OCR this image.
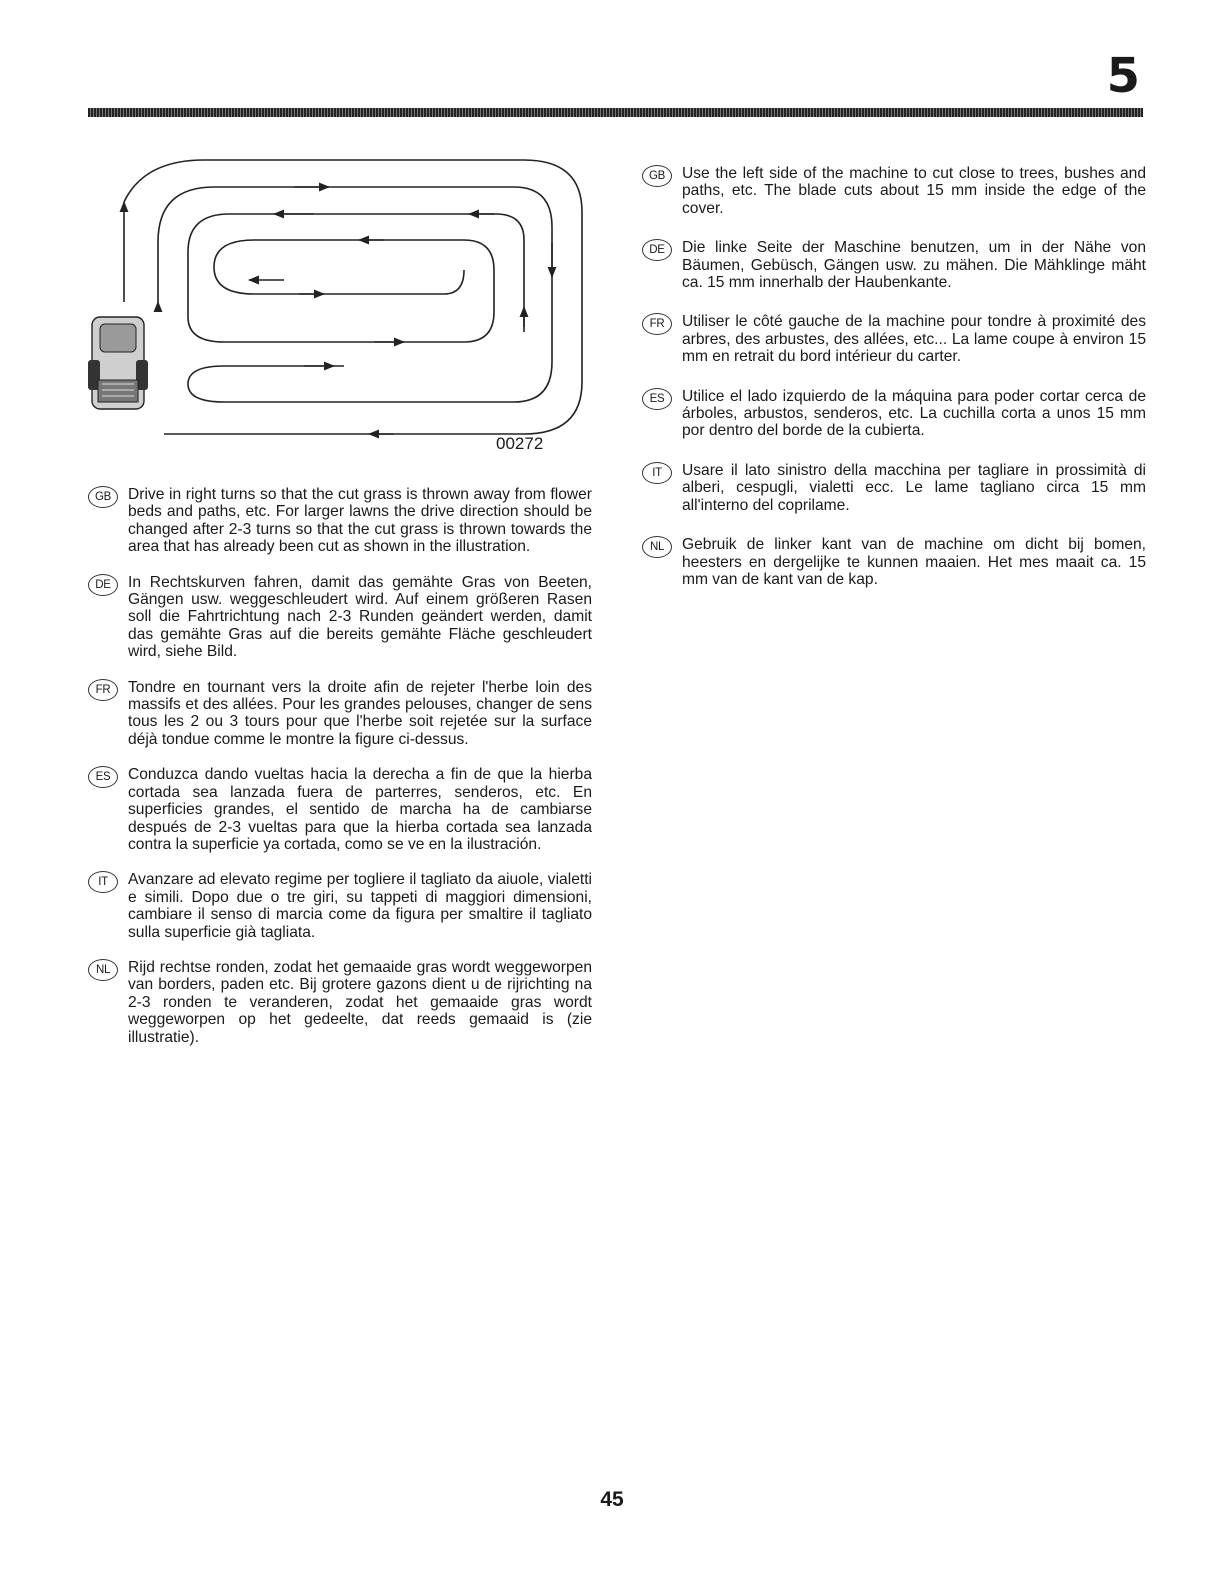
5
00272

GB	Drive in right turns so that the cut grass is thrown away from flower beds and paths, etc. For larger lawns the drive direction should be changed after 2-3 turns so that the cut grass is thrown towards the area that has already been cut as shown in the illustration.

DE	In Rechtskurven fahren, damit das gemähte Gras von Beeten, Gängen usw. weggeschleudert wird. Auf einem größeren Rasen soll die Fahrtrichtung nach 2-3 Runden geändert werden, damit das gemähte Gras auf die bereits gemähte Fläche geschleudert wird, siehe Bild.

FR	Tondre en tournant vers la droite afin de rejeter l'herbe loin des massifs et des allées. Pour les grandes pelouses, changer de sens tous les 2 ou 3 tours pour que l'herbe soit rejetée sur la surface déjà tondue comme le montre la figure ci-dessus.

ES	Conduzca dando vueltas hacia la derecha a fin de que la hierba cortada sea lanzada fuera de parterres, senderos, etc. En superficies grandes, el sentido de marcha ha de cambiarse después de 2-3 vueltas para que la hierba cortada sea lanzada contra la superficie ya cortada, como se ve en la ilustración.

IT	Avanzare ad elevato regime per togliere il tagliato da aiuole, vialetti e simili. Dopo due o tre giri, su tappeti di maggiori dimensioni, cambiare il senso di marcia come da figura per smaltire il tagliato sulla superficie già tagliata.

NL	Rijd rechtse ronden, zodat het gemaaide gras wordt weggeworpen van borders, paden etc. Bij grotere gazons dient u de rijrichting na 2-3 ronden te veranderen, zodat het gemaaide gras wordt weggeworpen op het gedeelte, dat reeds gemaaid is (zie illustratie).

GB	Use the left side of the machine to cut close to trees, bushes and paths, etc. The blade cuts about 15 mm inside the edge of the cover.

DE	Die linke Seite der Maschine benutzen, um in der Nähe von Bäumen, Gebüsch, Gängen usw. zu mähen. Die Mähklinge mäht ca. 15 mm innerhalb der Haubenkante.

FR	Utiliser le côté gauche de la machine pour tondre à proximité des arbres, des arbustes, des allées, etc... La lame coupe à environ 15 mm en retrait du bord intérieur du carter.

ES	Utilice el lado izquierdo de la máquina para poder cortar cerca de árboles, arbustos, senderos, etc. La cuchilla corta a unos 15 mm por dentro del borde de la cubierta.

IT	Usare il lato sinistro della macchina per tagliare in prossimità di alberi, cespugli, vialetti ecc. Le lame tagliano circa 15 mm all'interno del coprilame.

NL	Gebruik de linker kant van de machine om dicht bij bomen, heesters en dergelijke te kunnen maaien. Het mes maait ca. 15 mm van de kant van de kap.

45
